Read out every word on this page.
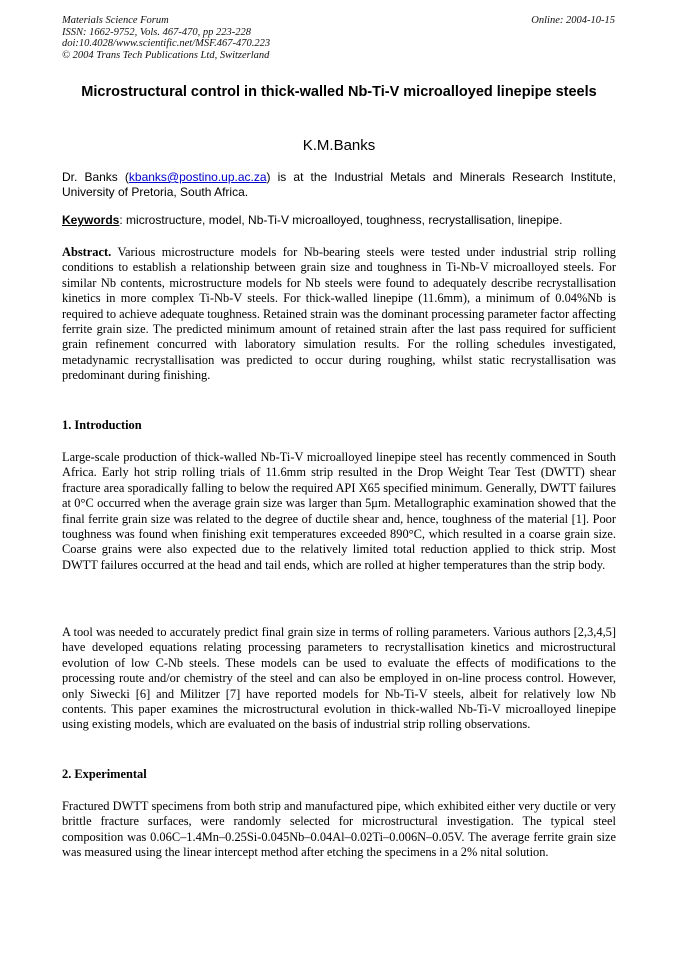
Materials Science Forum
ISSN: 1662-9752, Vols. 467-470, pp 223-228
doi:10.4028/www.scientific.net/MSF.467-470.223
© 2004 Trans Tech Publications Ltd, Switzerland
Online: 2004-10-15
Microstructural control in thick-walled Nb-Ti-V microalloyed linepipe steels
K.M.Banks
Dr. Banks (kbanks@postino.up.ac.za) is at the Industrial Metals and Minerals Research Institute, University of Pretoria, South Africa.
Keywords: microstructure, model, Nb-Ti-V microalloyed, toughness, recrystallisation, linepipe.

Abstract. Various microstructure models for Nb-bearing steels were tested under industrial strip rolling conditions to establish a relationship between grain size and toughness in Ti-Nb-V microalloyed steels. For similar Nb contents, microstructure models for Nb steels were found to adequately describe recrystallisation kinetics in more complex Ti-Nb-V steels. For thick-walled linepipe (11.6mm), a minimum of 0.04%Nb is required to achieve adequate toughness. Retained strain was the dominant processing parameter factor affecting ferrite grain size. The predicted minimum amount of retained strain after the last pass required for sufficient grain refinement concurred with laboratory simulation results. For the rolling schedules investigated, metadynamic recrystallisation was predicted to occur during roughing, whilst static recrystallisation was predominant during finishing.

1. Introduction

Large-scale production of thick-walled Nb-Ti-V microalloyed linepipe steel has recently commenced in South Africa. Early hot strip rolling trials of 11.6mm strip resulted in the Drop Weight Tear Test (DWTT) shear fracture area sporadically falling to below the required API X65 specified minimum. Generally, DWTT failures at 0°C occurred when the average grain size was larger than 5μm. Metallographic examination showed that the final ferrite grain size was related to the degree of ductile shear and, hence, toughness of the material [1]. Poor toughness was found when finishing exit temperatures exceeded 890°C, which resulted in a coarse grain size. Coarse grains were also expected due to the relatively limited total reduction applied to thick strip. Most DWTT failures occurred at the head and tail ends, which are rolled at higher temperatures than the strip body.

A tool was needed to accurately predict final grain size in terms of rolling parameters. Various authors [2,3,4,5] have developed equations relating processing parameters to recrystallisation kinetics and microstructural evolution of low C-Nb steels. These models can be used to evaluate the effects of modifications to the processing route and/or chemistry of the steel and can also be employed in on-line process control. However, only Siwecki [6] and Militzer [7] have reported models for Nb-Ti-V steels, albeit for relatively low Nb contents. This paper examines the microstructural evolution in thick-walled Nb-Ti-V microalloyed linepipe using existing models, which are evaluated on the basis of industrial strip rolling observations.

2. Experimental

Fractured DWTT specimens from both strip and manufactured pipe, which exhibited either very ductile or very brittle fracture surfaces, were randomly selected for microstructural investigation. The typical steel composition was 0.06C–1.4Mn–0.25Si-0.045Nb–0.04Al–0.02Ti–0.006N–0.05V. The average ferrite grain size was measured using the linear intercept method after etching the specimens in a 2% nital solution.
